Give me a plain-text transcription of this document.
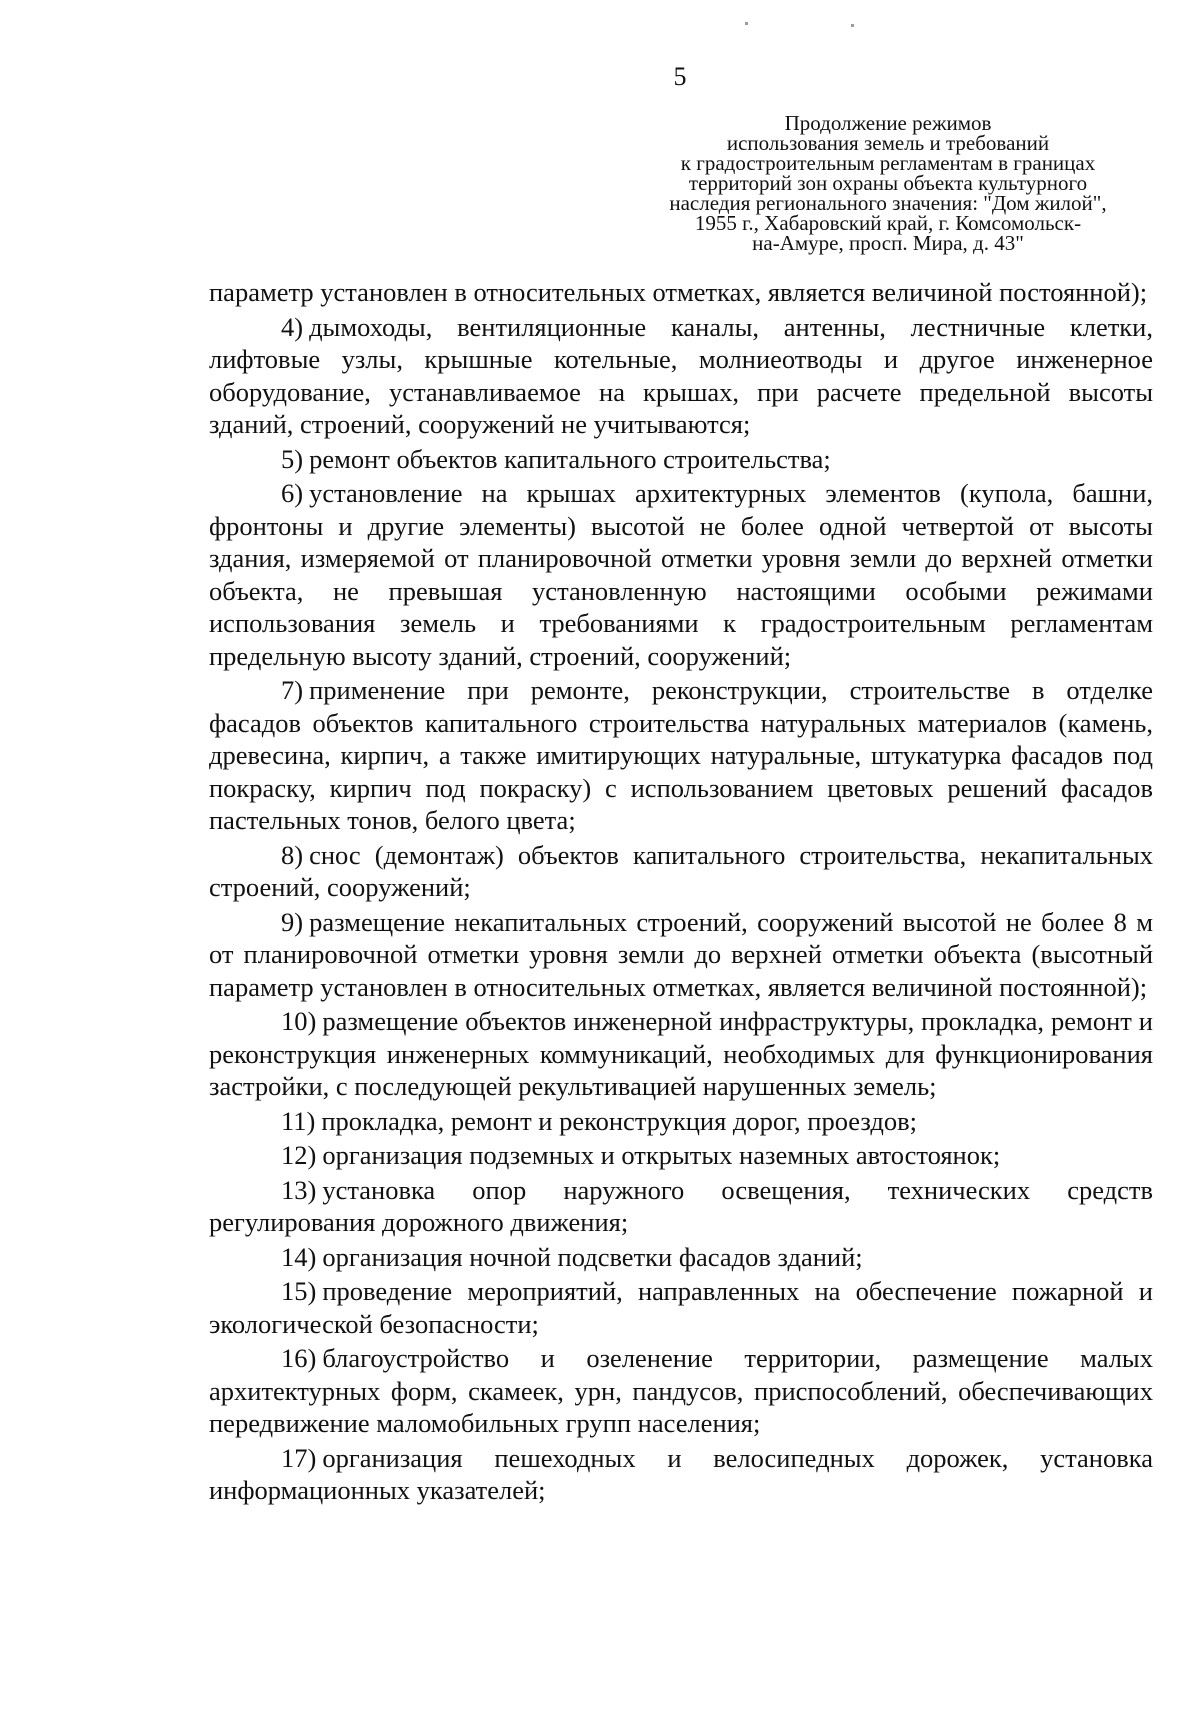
5
Продолжение режимов
использования земель и требований
к градостроительным регламентам в границах
территорий зон охраны объекта культурного
наследия регионального значения: "Дом жилой",
1955 г., Хабаровский край, г. Комсомольск-
на-Амуре, просп. Мира, д. 43"

параметр установлен в относительных отметках, является величиной постоянной);

4) дымоходы, вентиляционные каналы, антенны, лестничные клетки, лифтовые узлы, крышные котельные, молниеотводы и другое инженерное оборудование, устанавливаемое на крышах, при расчете предельной высоты зданий, строений, сооружений не учитываются;

5) ремонт объектов капитального строительства;

6) установление на крышах архитектурных элементов (купола, башни, фронтоны и другие элементы) высотой не более одной четвертой от высоты здания, измеряемой от планировочной отметки уровня земли до верхней отметки объекта, не превышая установленную настоящими особыми режимами использования земель и требованиями к градостроительным регламентам предельную высоту зданий, строений, сооружений;

7) применение при ремонте, реконструкции, строительстве в отделке фасадов объектов капитального строительства натуральных материалов (камень, древесина, кирпич, а также имитирующих натуральные, штукатурка фасадов под покраску, кирпич под покраску) с использованием цветовых решений фасадов пастельных тонов, белого цвета;

8) снос (демонтаж) объектов капитального строительства, некапитальных строений, сооружений;

9) размещение некапитальных строений, сооружений высотой не более 8 м от планировочной отметки уровня земли до верхней отметки объекта (высотный параметр установлен в относительных отметках, является величиной постоянной);

10) размещение объектов инженерной инфраструктуры, прокладка, ремонт и реконструкция инженерных коммуникаций, необходимых для функционирования застройки, с последующей рекультивацией нарушенных земель;

11) прокладка, ремонт и реконструкция дорог, проездов;

12) организация подземных и открытых наземных автостоянок;

13) установка опор наружного освещения, технических средств регулирования дорожного движения;

14) организация ночной подсветки фасадов зданий;

15) проведение мероприятий, направленных на обеспечение пожарной и экологической безопасности;

16) благоустройство и озеленение территории, размещение малых архитектурных форм, скамеек, урн, пандусов, приспособлений, обеспечивающих передвижение маломобильных групп населения;

17) организация пешеходных и велосипедных дорожек, установка информационных указателей;
